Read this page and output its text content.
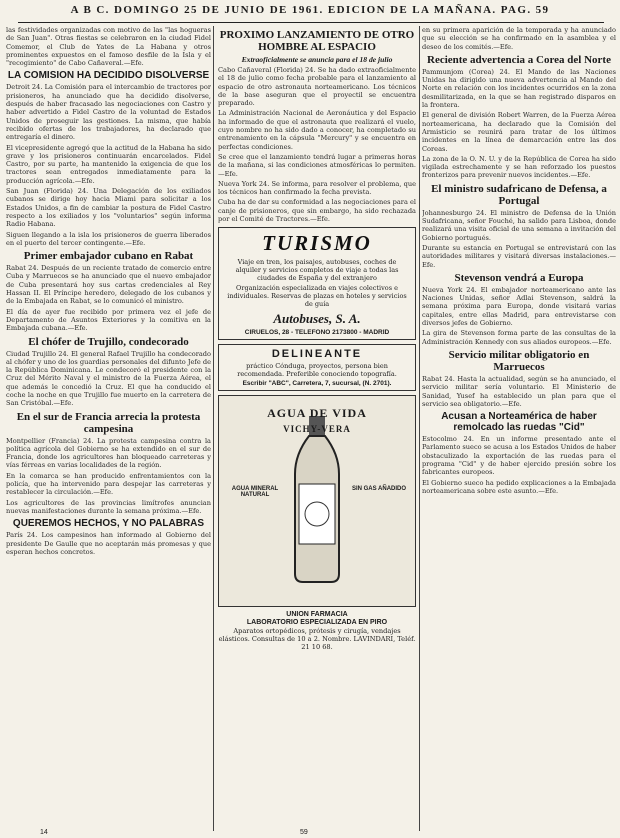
A B C. DOMINGO 25 DE JUNIO DE 1961. EDICION DE LA MAÑANA. PAG. 59

las festividades organizadas con motivo de las "las hogueras de San Juan". Otras fiestas se celebraron en la ciudad Fidel Comemor, el Club de Yates de La Habana y otros prominentes expuestos en el famoso desfile de la Isla y el "recogimiento" de Cabo Cañaveral.—Efe.

LA COMISION HA DECIDIDO DISOLVERSE

Detroit 24. La Comisión para el intercambio de tractores por prisioneros, ha anunciado que ha decidido disolverse, después de haber fracasado las negociaciones con Castro y haber advertido a Fidel Castro de la voluntad de Estados Unidos de proseguir las gestiones. La misma, que había recibido ofertas de los trabajadores, ha declarado que entregaría el dinero.

El vicepresidente agregó que la actitud de la Habana ha sido grave y los prisioneros continuarán encarcelados. Fidel Castro, por su parte, ha mantenido la exigencia de que los tractores sean entregados inmediatamente para la producción agrícola.—Efe.

San Juan (Florida) 24. Una Delegación de los exiliados cubanos se dirige hoy hacia Miami para solicitar a los Estados Unidos, a fin de cambiar la postura de Fidel Castro respecto a los exiliados y los "voluntarios" según informa Radio Habana.

Siguen llegando a la isla los prisioneros de guerra liberados en el puerto del tercer contingente.—Efe.

Primer embajador cubano en Rabat

Rabat 24. Después de un reciente tratado de comercio entre Cuba y Marruecos se ha anunciado que el nuevo embajador de Cuba presentará hoy sus cartas credenciales al Rey Hassan II. El Príncipe heredero, delegado de los cubanos y de la Embajada en Rabat, se lo comunicó el ministro.

El día de ayer fue recibido por primera vez el jefe de Departamento de Asuntos Exteriores y la comitiva en la Embajada cubana.—Efe.

El chófer de Trujillo, condecorado

Ciudad Trujillo 24. El general Rafael Trujillo ha condecorado al chófer y uno de los guardias personales del difunto Jefe de la República Dominicana. Le condecoró el presidente con la Cruz del Mérito Naval y el ministro de la Fuerza Aérea, el que además le concedió la Cruz. El que ha conducido el coche la noche en que Trujillo fue muerto en la carretera de San Cristóbal.—Efe.

En el sur de Francia arrecia la protesta campesina

Montpellier (Francia) 24. La protesta campesina contra la política agrícola del Gobierno se ha extendido en el sur de Francia, donde los agricultores han bloqueado carreteras y vías férreas en varias localidades de la región.

En la comarca se han producido enfrentamientos con la policía, que ha intervenido para despejar las carreteras y restablecer la circulación.—Efe.

Los agricultores de las provincias limítrofes anuncian nuevas manifestaciones durante la semana próxima.—Efe.

QUEREMOS HECHOS, Y NO PALABRAS

París 24. Los campesinos han informado al Gobierno del presidente De Gaulle que no aceptarán más promesas y que esperan hechos concretos.

PROXIMO LANZAMIENTO DE OTRO HOMBRE AL ESPACIO
Extraoficialmente se anuncia para el 18 de julio

Cabo Cañaveral (Florida) 24. Se ha dado extraoficialmente el 18 de julio como fecha probable para el lanzamiento al espacio de otro astronauta norteamericano. Los técnicos de la base aseguran que el proyectil se encuentra preparado.

La Administración Nacional de Aeronáutica y del Espacio ha informado de que el astronauta que realizará el vuelo, cuyo nombre no ha sido dado a conocer, ha completado su entrenamiento en la cápsula "Mercury" y se encuentra en perfectas condiciones.

Se cree que el lanzamiento tendrá lugar a primeras horas de la mañana, si las condiciones atmosféricas lo permiten.—Efe.

Nueva York 24. Se informa, para resolver el problema, que los técnicos han confirmado la fecha prevista.

Cuba ha de dar su conformidad a las negociaciones para el canje de prisioneros, que sin embargo, ha sido rechazada por el Comité de Tractores.—Efe.

TURISMO
Viaje en tren, los paisajes, autobuses, coches de alquiler y servicios completos de viaje a todas las ciudades de España y del extranjero
Organización especializada en viajes colectivos e individuales. Reservas de plazas en hoteles y servicios de guía
Autobuses, S. A.
CIRUELOS, 28 - TELEFONO 2173800 - MADRID
DELINEANTE
práctico Cónduga, proyectos, persona bien recomendada. Preferible conociendo topografía.
Escribir "ABC", Carretera, 7, sucursal, (N. 2701).
AGUA MINERAL NATURAL
SIN GAS AÑADIDO
AGUA DE VIDA
VICHY-VERA
UNION FARMACIA
LABORATORIO ESPECIALIZADA EN PIRO
Aparatos ortopédicos, prótesis y cirugía, vendajes elásticos. Consultas de 10 a 2. Nombre. LAVINDARI, Teléf. 21 10 68.

en su primera aparición de la temporada y ha anunciado que su elección se ha confirmado en la asamblea y el deseo de los comités.—Efe.

Reciente advertencia a Corea del Norte

Pammunjom (Corea) 24. El Mando de las Naciones Unidas ha dirigido una nueva advertencia al Mando del Norte en relación con los incidentes ocurridos en la zona desmilitarizada, en la que se han registrado disparos en la frontera.

El general de división Robert Warren, de la Fuerza Aérea norteamericana, ha declarado que la Comisión del Armisticio se reunirá para tratar de los últimos incidentes en la línea de demarcación entre las dos Coreas.

La zona de la O. N. U. y de la República de Corea ha sido vigilada estrechamente y se han reforzado los puestos fronterizos para prevenir nuevos incidentes.—Efe.

El ministro sudafricano de Defensa, a Portugal

Johannesburgo 24. El ministro de Defensa de la Unión Sudafricana, señor Fouché, ha salido para Lisboa, donde realizará una visita oficial de una semana a invitación del Gobierno portugués.

Durante su estancia en Portugal se entrevistará con las autoridades militares y visitará diversas instalaciones.—Efe.

Stevenson vendrá a Europa

Nueva York 24. El embajador norteamericano ante las Naciones Unidas, señor Adlai Stevenson, saldrá la semana próxima para Europa, donde visitará varias capitales, entre ellas Madrid, para entrevistarse con diversos jefes de Gobierno.

La gira de Stevenson forma parte de las consultas de la Administración Kennedy con sus aliados europeos.—Efe.

Servicio militar obligatorio en Marruecos

Rabat 24. Hasta la actualidad, según se ha anunciado, el servicio militar sería voluntario. El Ministerio de Sanidad, Yusef ha establecido un plan para que el servicio sea obligatorio.—Efe.

Acusan a Norteamérica de haber remolcado las ruedas "Cid"

Estocolmo 24. En un informe presentado ante el Parlamento sueco se acusa a los Estados Unidos de haber obstaculizado la exportación de las ruedas para el programa "Cid" y de haber ejercido presión sobre los fabricantes europeos.

El Gobierno sueco ha pedido explicaciones a la Embajada norteamericana sobre este asunto.—Efe.

14	59
